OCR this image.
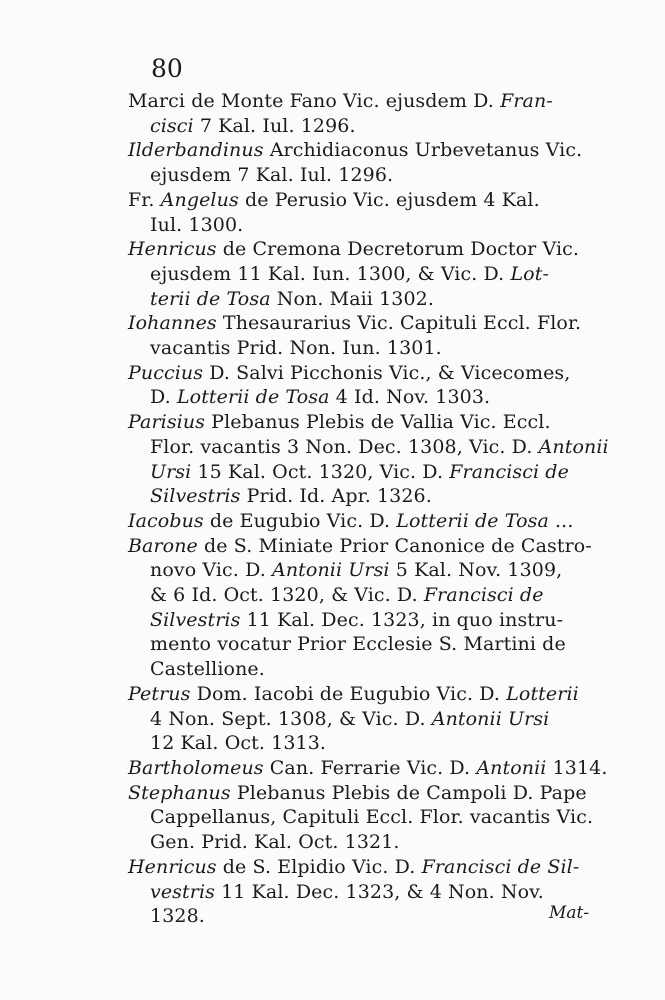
80
Marci de Monte Fano Vic. ejusdem D. Fran-
cisci 7 Kal. Iul. 1296.
Ilderbandinus Archidiaconus Urbevetanus Vic.
ejusdem 7 Kal. Iul. 1296.
Fr. Angelus de Perusio Vic. ejusdem 4 Kal.
Iul. 1300.
Henricus de Cremona Decretorum Doctor Vic.
ejusdem 11 Kal. Iun. 1300, & Vic. D. Lot-
terii de Tosa Non. Maii 1302.
Iohannes Thesaurarius Vic. Capituli Eccl. Flor.
vacantis Prid. Non. Iun. 1301.
Puccius D. Salvi Picchonis Vic., & Vicecomes,
D. Lotterii de Tosa 4 Id. Nov. 1303.
Parisius Plebanus Plebis de Vallia Vic. Eccl.
Flor. vacantis 3 Non. Dec. 1308, Vic. D. Antonii
Ursi 15 Kal. Oct. 1320, Vic. D. Francisci de
Silvestris Prid. Id. Apr. 1326.
Iacobus de Eugubio Vic. D. Lotterii de Tosa ...
Barone de S. Miniate Prior Canonice de Castro-
novo Vic. D. Antonii Ursi 5 Kal. Nov. 1309,
& 6 Id. Oct. 1320, & Vic. D. Francisci de
Silvestris 11 Kal. Dec. 1323, in quo instru-
mento vocatur Prior Ecclesie S. Martini de
Castellione.
Petrus Dom. Iacobi de Eugubio Vic. D. Lotterii
4 Non. Sept. 1308, & Vic. D. Antonii Ursi
12 Kal. Oct. 1313.
Bartholomeus Can. Ferrarie Vic. D. Antonii 1314.
Stephanus Plebanus Plebis de Campoli D. Pape
Cappellanus, Capituli Eccl. Flor. vacantis Vic.
Gen. Prid. Kal. Oct. 1321.
Henricus de S. Elpidio Vic. D. Francisci de Sil-
vestris 11 Kal. Dec. 1323, & 4 Non. Nov.
1328.	Mat-
